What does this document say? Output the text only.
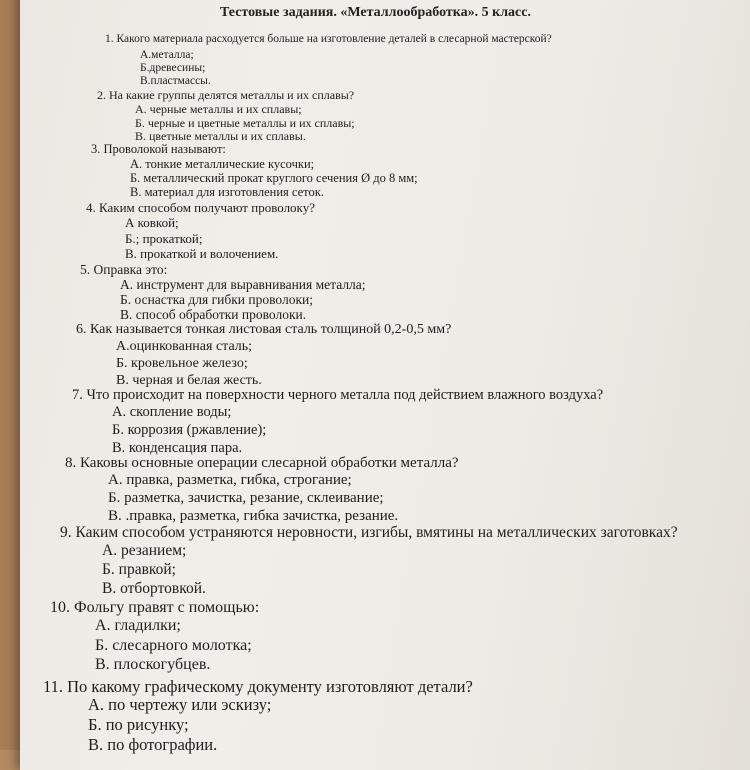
Тестовые задания. «Металлообработка». 5 класс.
1. Какого материала расходуется больше на изготовление деталей в слесарной мастерской?
А.металла;
Б.древесины;
В.пластмассы.
2. На какие группы делятся металлы и их сплавы?
А. черные металлы и их сплавы;
Б. черные и цветные металлы и их сплавы;
В. цветные металлы и их сплавы.
3. Проволокой называют:
А. тонкие металлические кусочки;
Б. металлический прокат круглого сечения Ø до 8 мм;
В. материал для изготовления сеток.
4. Каким способом получают проволоку?
А ковкой;
Б.; прокаткой;
В. прокаткой и волочением.
5. Оправка это:
А. инструмент для выравнивания металла;
Б. оснастка для гибки проволоки;
В. способ обработки проволоки.
6. Как называется тонкая листовая сталь толщиной 0,2-0,5 мм?
А.оцинкованная сталь;
Б. кровельное железо;
В. черная и белая жесть.
7. Что происходит на поверхности черного металла под действием влажного воздуха?
А. скопление воды;
Б. коррозия (ржавление);
В. конденсация пара.
8. Каковы основные операции слесарной обработки металла?
А. правка, разметка, гибка, строгание;
Б. разметка, зачистка, резание, склеивание;
В. .правка, разметка, гибка зачистка, резание.
9. Каким способом устраняются неровности, изгибы, вмятины на металлических заготовках?
А. резанием;
Б. правкой;
В. отбортовкой.
10. Фольгу правят с помощью:
А. гладилки;
Б. слесарного молотка;
В. плоскогубцев.
11. По какому графическому документу изготовляют детали?
А. по чертежу или эскизу;
Б. по рисунку;
В. по фотографии.
